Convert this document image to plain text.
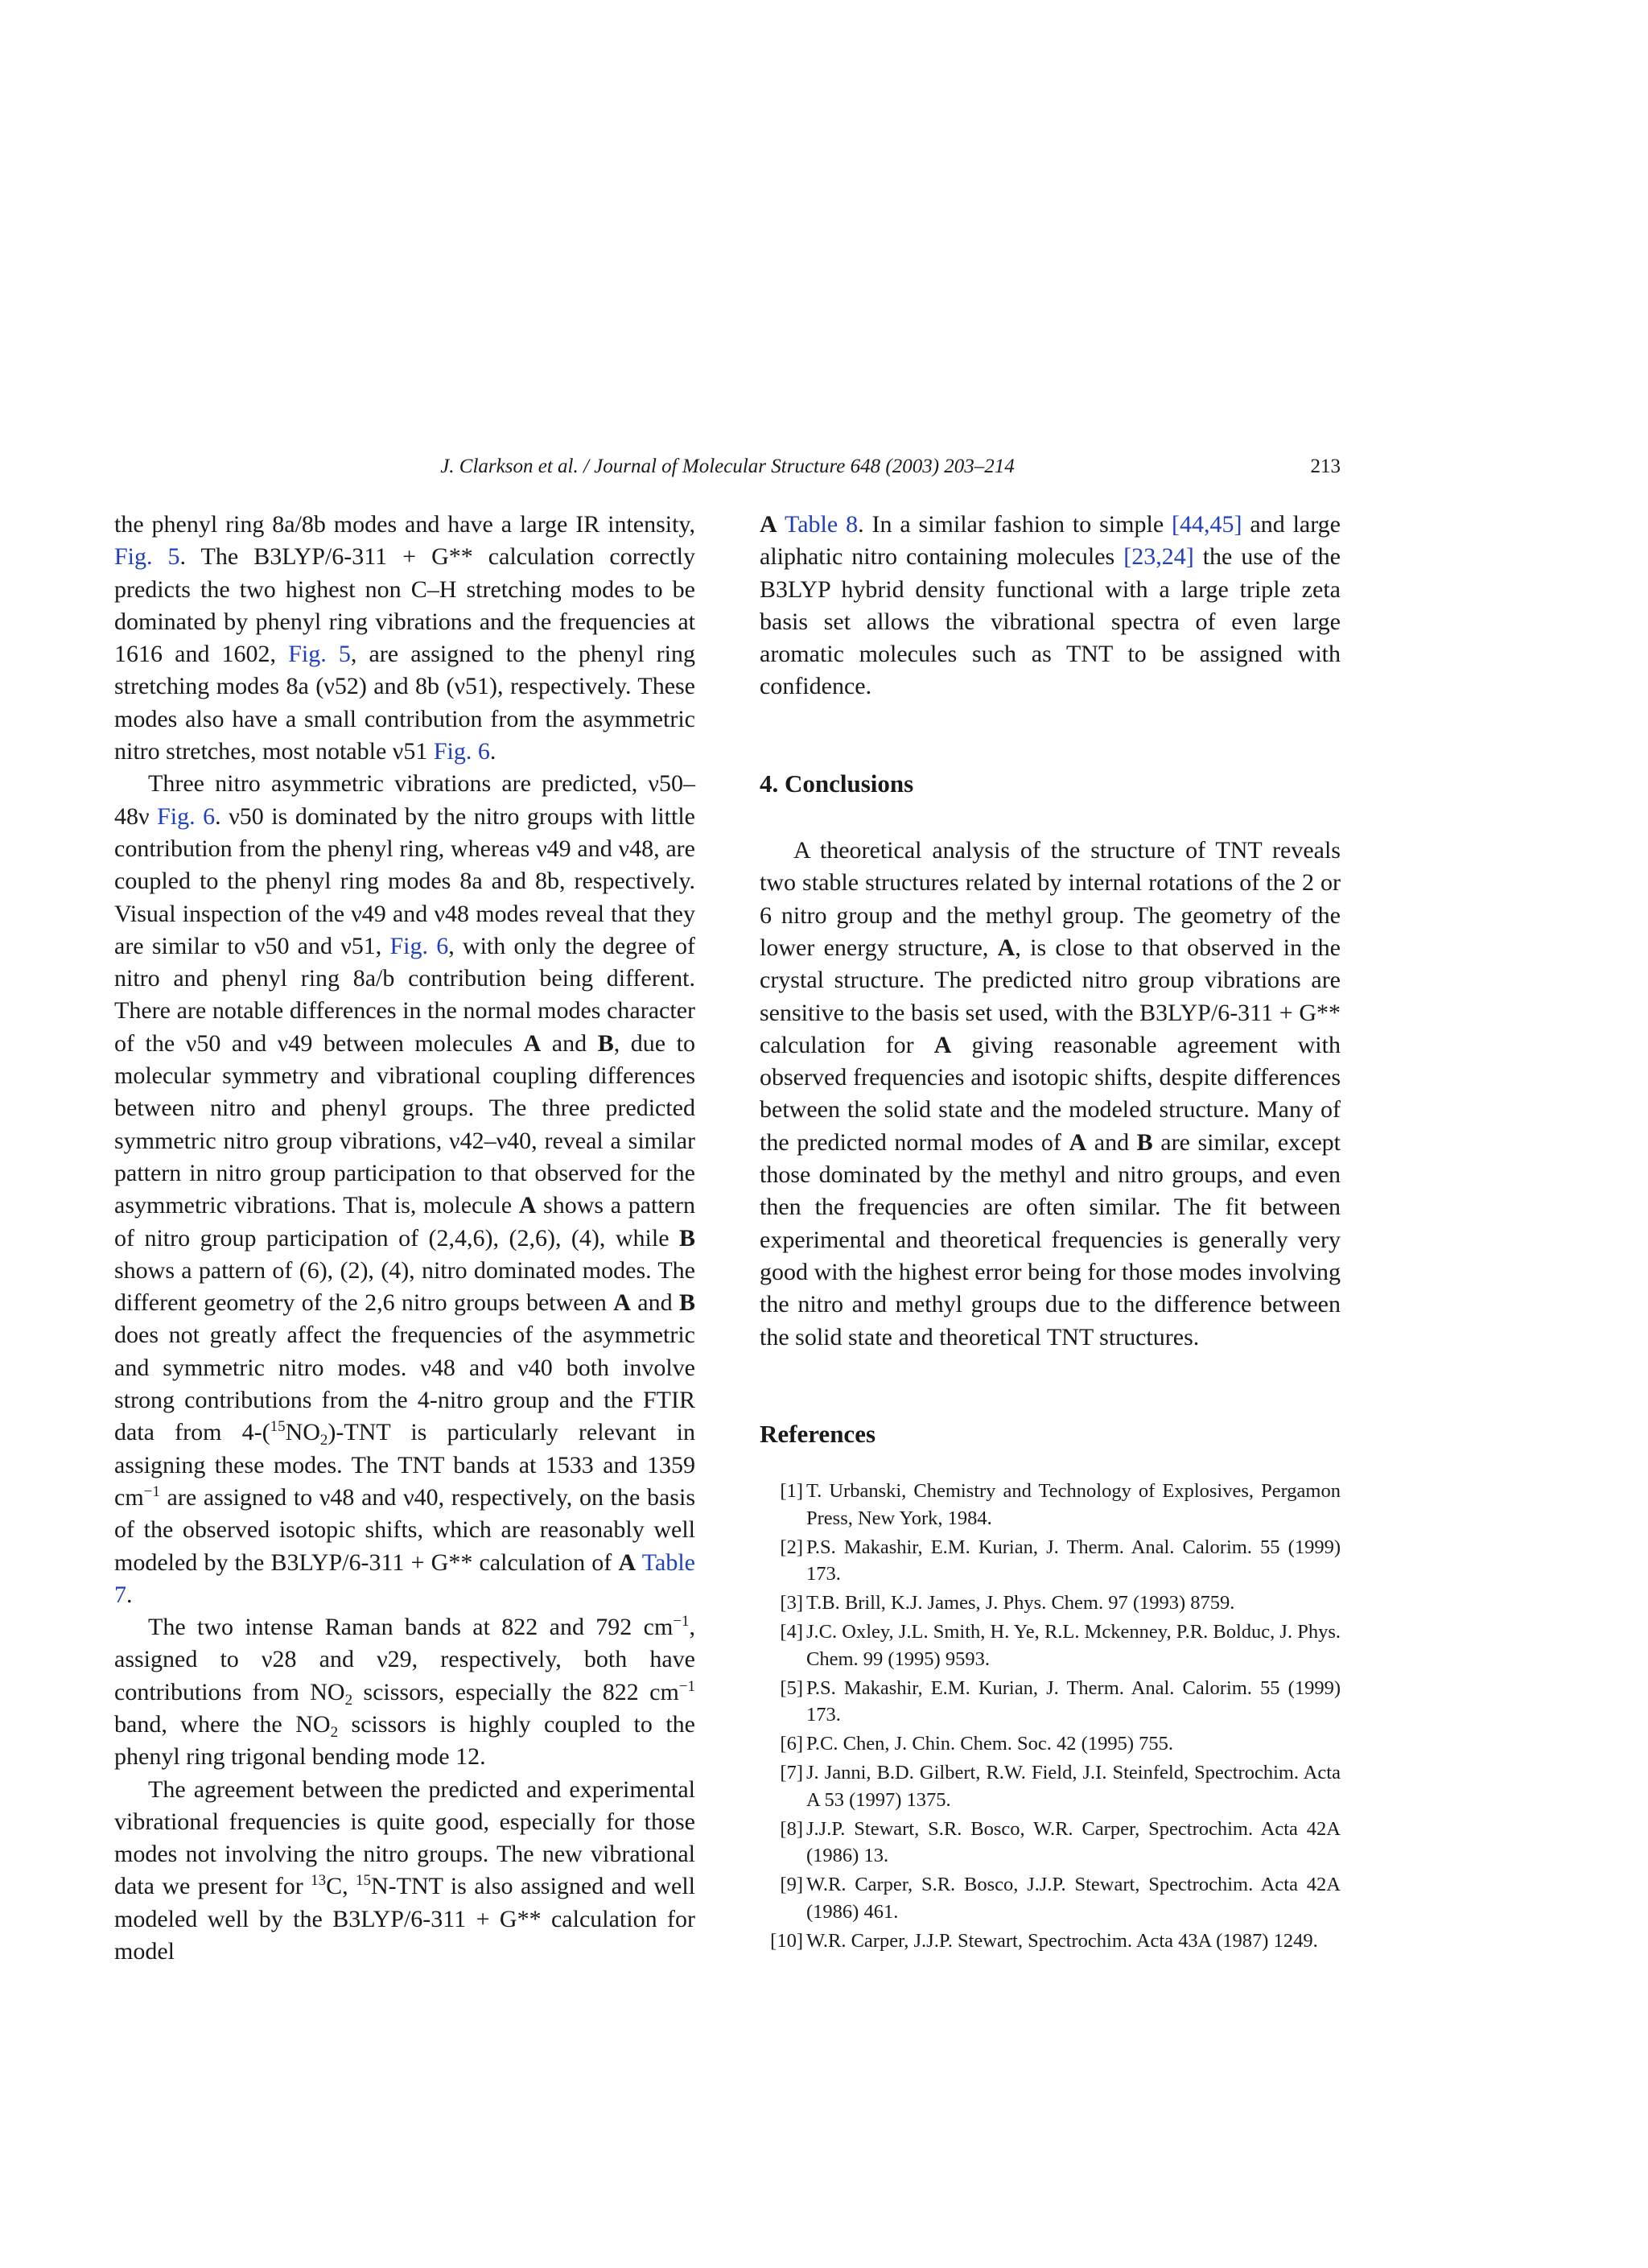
J. Clarkson et al. / Journal of Molecular Structure 648 (2003) 203–214	213

the phenyl ring 8a/8b modes and have a large IR intensity, Fig. 5. The B3LYP/6-311 + G** calculation correctly predicts the two highest non C–H stretching modes to be dominated by phenyl ring vibrations and the frequencies at 1616 and 1602, Fig. 5, are assigned to the phenyl ring stretching modes 8a (ν52) and 8b (ν51), respectively. These modes also have a small contribution from the asymmetric nitro stretches, most notable ν51 Fig. 6.

Three nitro asymmetric vibrations are predicted, ν50–48ν Fig. 6. ν50 is dominated by the nitro groups with little contribution from the phenyl ring, whereas ν49 and ν48, are coupled to the phenyl ring modes 8a and 8b, respectively. Visual inspection of the ν49 and ν48 modes reveal that they are similar to ν50 and ν51, Fig. 6, with only the degree of nitro and phenyl ring 8a/b contribution being different. There are notable differences in the normal modes character of the ν50 and ν49 between molecules A and B, due to molecular symmetry and vibrational coupling differences between nitro and phenyl groups. The three predicted symmetric nitro group vibrations, ν42–ν40, reveal a similar pattern in nitro group participation to that observed for the asymmetric vibrations. That is, molecule A shows a pattern of nitro group participation of (2,4,6), (2,6), (4), while B shows a pattern of (6), (2), (4), nitro dominated modes. The different geometry of the 2,6 nitro groups between A and B does not greatly affect the frequencies of the asymmetric and symmetric nitro modes. ν48 and ν40 both involve strong contributions from the 4-nitro group and the FTIR data from $4-(^{15}NO_2)$-TNT is particularly relevant in assigning these modes. The TNT bands at 1533 and 1359 $cm^{-1}$ are assigned to ν48 and ν40, respectively, on the basis of the observed isotopic shifts, which are reasonably well modeled by the B3LYP/6-311 + G** calculation of A Table 7.

The two intense Raman bands at 822 and 792 $cm^{-1}$, assigned to ν28 and ν29, respectively, both have contributions from $NO_2$ scissors, especially the 822 $cm^{-1}$ band, where the $NO_2$ scissors is highly coupled to the phenyl ring trigonal bending mode 12.

The agreement between the predicted and experimental vibrational frequencies is quite good, especially for those modes not involving the nitro groups. The new vibrational data we present for $^{13}$C, $^{15}$N-TNT is also assigned and well modeled well by the B3LYP/6-311 + G** calculation for model

A Table 8. In a similar fashion to simple [44,45] and large aliphatic nitro containing molecules [23,24] the use of the B3LYP hybrid density functional with a large triple zeta basis set allows the vibrational spectra of even large aromatic molecules such as TNT to be assigned with confidence.

4. Conclusions

A theoretical analysis of the structure of TNT reveals two stable structures related by internal rotations of the 2 or 6 nitro group and the methyl group. The geometry of the lower energy structure, A, is close to that observed in the crystal structure. The predicted nitro group vibrations are sensitive to the basis set used, with the B3LYP/6-311 + G** calculation for A giving reasonable agreement with observed frequencies and isotopic shifts, despite differences between the solid state and the modeled structure. Many of the predicted normal modes of A and B are similar, except those dominated by the methyl and nitro groups, and even then the frequencies are often similar. The fit between experimental and theoretical frequencies is generally very good with the highest error being for those modes involving the nitro and methyl groups due to the difference between the solid state and theoretical TNT structures.

References
[1] T. Urbanski, Chemistry and Technology of Explosives, Pergamon Press, New York, 1984.
[2] P.S. Makashir, E.M. Kurian, J. Therm. Anal. Calorim. 55 (1999) 173.
[3] T.B. Brill, K.J. James, J. Phys. Chem. 97 (1993) 8759.
[4] J.C. Oxley, J.L. Smith, H. Ye, R.L. Mckenney, P.R. Bolduc, J. Phys. Chem. 99 (1995) 9593.
[5] P.S. Makashir, E.M. Kurian, J. Therm. Anal. Calorim. 55 (1999) 173.
[6] P.C. Chen, J. Chin. Chem. Soc. 42 (1995) 755.
[7] J. Janni, B.D. Gilbert, R.W. Field, J.I. Steinfeld, Spectrochim. Acta A 53 (1997) 1375.
[8] J.J.P. Stewart, S.R. Bosco, W.R. Carper, Spectrochim. Acta 42A (1986) 13.
[9] W.R. Carper, S.R. Bosco, J.J.P. Stewart, Spectrochim. Acta 42A (1986) 461.
[10] W.R. Carper, J.J.P. Stewart, Spectrochim. Acta 43A (1987) 1249.
